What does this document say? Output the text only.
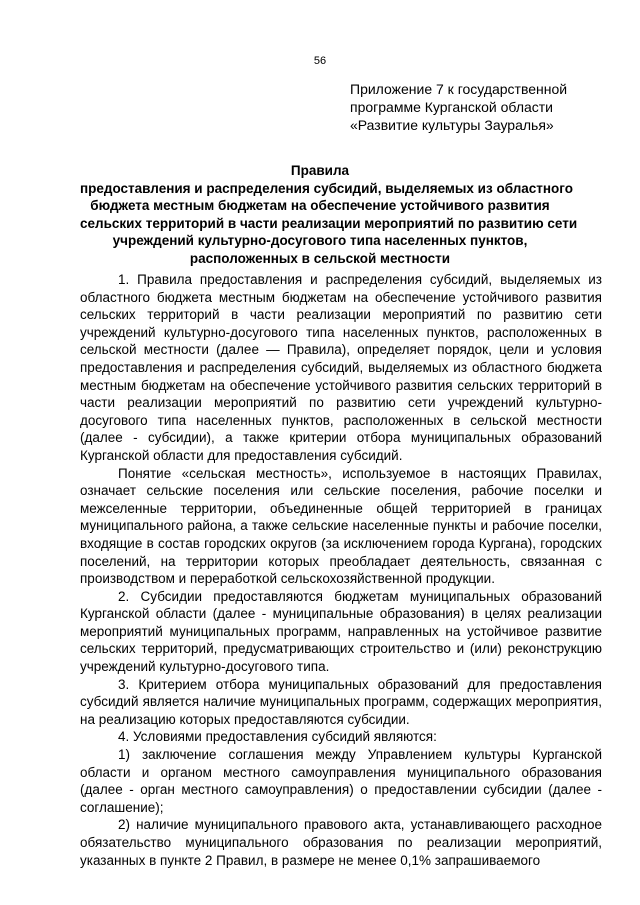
56
Приложение 7 к государственной
программе Курганской области
«Развитие культуры Зауралья»
Правила
предоставления и распределения субсидий, выделяемых из областного
бюджета местным бюджетам на обеспечение устойчивого развития
сельских территорий в части реализации мероприятий по развитию сети
учреждений культурно-досугового типа населенных пунктов,
расположенных в сельской местности

1. Правила предоставления и распределения субсидий, выделяемых из областного бюджета местным бюджетам на обеспечение устойчивого развития сельских территорий в части реализации мероприятий по развитию сети учреждений культурно-досугового типа населенных пунктов, расположенных в сельской местности (далее — Правила), определяет порядок, цели и условия предоставления и распределения субсидий, выделяемых из областного бюджета местным бюджетам на обеспечение устойчивого развития сельских территорий в части реализации мероприятий по развитию сети учреждений культурно-досугового типа населенных пунктов, расположенных в сельской местности (далее - субсидии), а также критерии отбора муниципальных образований Курганской области для предоставления субсидий.

Понятие «сельская местность», используемое в настоящих Правилах, означает сельские поселения или сельские поселения, рабочие поселки и межселенные территории, объединенные общей территорией в границах муниципального района, а также сельские населенные пункты и рабочие поселки, входящие в состав городских округов (за исключением города Кургана), городских поселений, на территории которых преобладает деятельность, связанная с производством и переработкой сельскохозяйственной продукции.

2. Субсидии предоставляются бюджетам муниципальных образований Курганской области (далее - муниципальные образования) в целях реализации мероприятий муниципальных программ, направленных на устойчивое развитие сельских территорий, предусматривающих строительство и (или) реконструкцию учреждений культурно-досугового типа.

3. Критерием отбора муниципальных образований для предоставления субсидий является наличие муниципальных программ, содержащих мероприятия, на реализацию которых предоставляются субсидии.

4. Условиями предоставления субсидий являются:

1) заключение соглашения между Управлением культуры Курганской области и органом местного самоуправления муниципального образования (далее - орган местного самоуправления) о предоставлении субсидии (далее - соглашение);

2) наличие муниципального правового акта, устанавливающего расходное обязательство муниципального образования по реализации мероприятий, указанных в пункте 2 Правил, в размере не менее 0,1% запрашиваемого
